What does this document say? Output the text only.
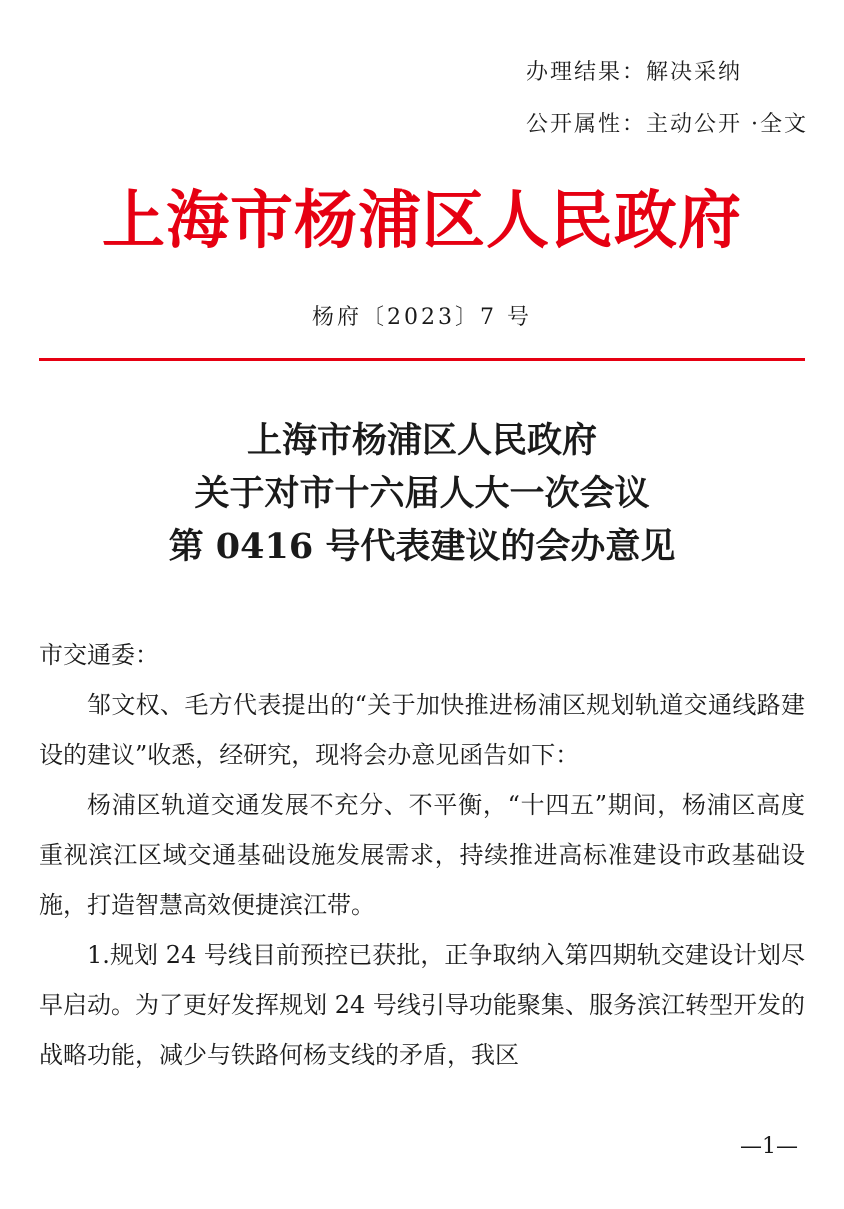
办理结果：解决采纳
公开属性：主动公开 ·全文
上海市杨浦区人民政府
杨府〔2023〕7 号
上海市杨浦区人民政府
关于对市十六届人大一次会议
第 0416 号代表建议的会办意见

市交通委：

邹文权、毛方代表提出的“关于加快推进杨浦区规划轨道交通线路建设的建议”收悉，经研究，现将会办意见函告如下：

杨浦区轨道交通发展不充分、不平衡，“十四五”期间，杨浦区高度重视滨江区域交通基础设施发展需求，持续推进高标准建设市政基础设施，打造智慧高效便捷滨江带。

1.规划 24 号线目前预控已获批，正争取纳入第四期轨交建设计划尽早启动。为了更好发挥规划 24 号线引导功能聚集、服务滨江转型开发的战略功能，减少与铁路何杨支线的矛盾，我区

—1—
